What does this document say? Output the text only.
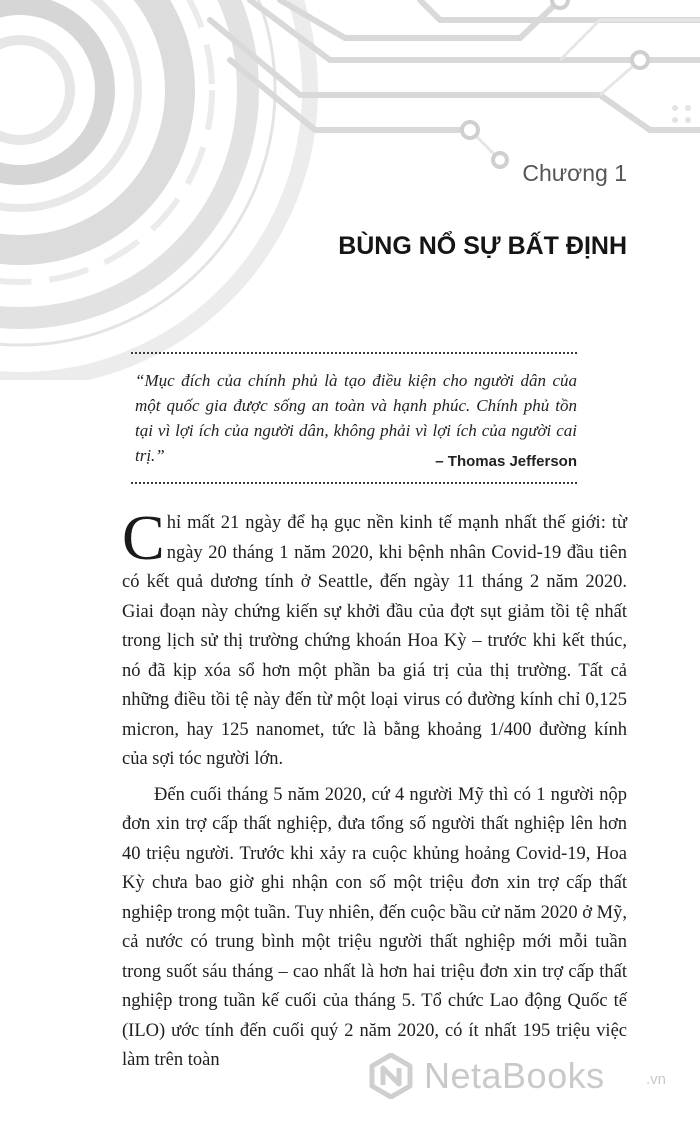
Chương 1
BÙNG NỔ SỰ BẤT ĐỊNH

“Mục đích của chính phủ là tạo điều kiện cho người dân của một quốc gia được sống an toàn và hạnh phúc. Chính phủ tồn tại vì lợi ích của người dân, không phải vì lợi ích của người cai trị.”	– Thomas Jefferson

Chỉ mất 21 ngày để hạ gục nền kinh tế mạnh nhất thế giới: từ ngày 20 tháng 1 năm 2020, khi bệnh nhân Covid-19 đầu tiên có kết quả dương tính ở Seattle, đến ngày 11 tháng 2 năm 2020. Giai đoạn này chứng kiến sự khởi đầu của đợt sụt giảm tồi tệ nhất trong lịch sử thị trường chứng khoán Hoa Kỳ – trước khi kết thúc, nó đã kịp xóa sổ hơn một phần ba giá trị của thị trường. Tất cả những điều tồi tệ này đến từ một loại virus có đường kính chỉ 0,125 micron, hay 125 nanomet, tức là bằng khoảng 1/400 đường kính của sợi tóc người lớn.

Đến cuối tháng 5 năm 2020, cứ 4 người Mỹ thì có 1 người nộp đơn xin trợ cấp thất nghiệp, đưa tổng số người thất nghiệp lên hơn 40 triệu người. Trước khi xảy ra cuộc khủng hoảng Covid-19, Hoa Kỳ chưa bao giờ ghi nhận con số một triệu đơn xin trợ cấp thất nghiệp trong một tuần. Tuy nhiên, đến cuộc bầu cử năm 2020 ở Mỹ, cả nước có trung bình một triệu người thất nghiệp mới mỗi tuần trong suốt sáu tháng – cao nhất là hơn hai triệu đơn xin trợ cấp thất nghiệp trong tuần kế cuối của tháng 5. Tổ chức Lao động Quốc tế (ILO) ước tính đến cuối quý 2 năm 2020, có ít nhất 195 triệu việc làm trên toàn	NetaBooks	.vn
